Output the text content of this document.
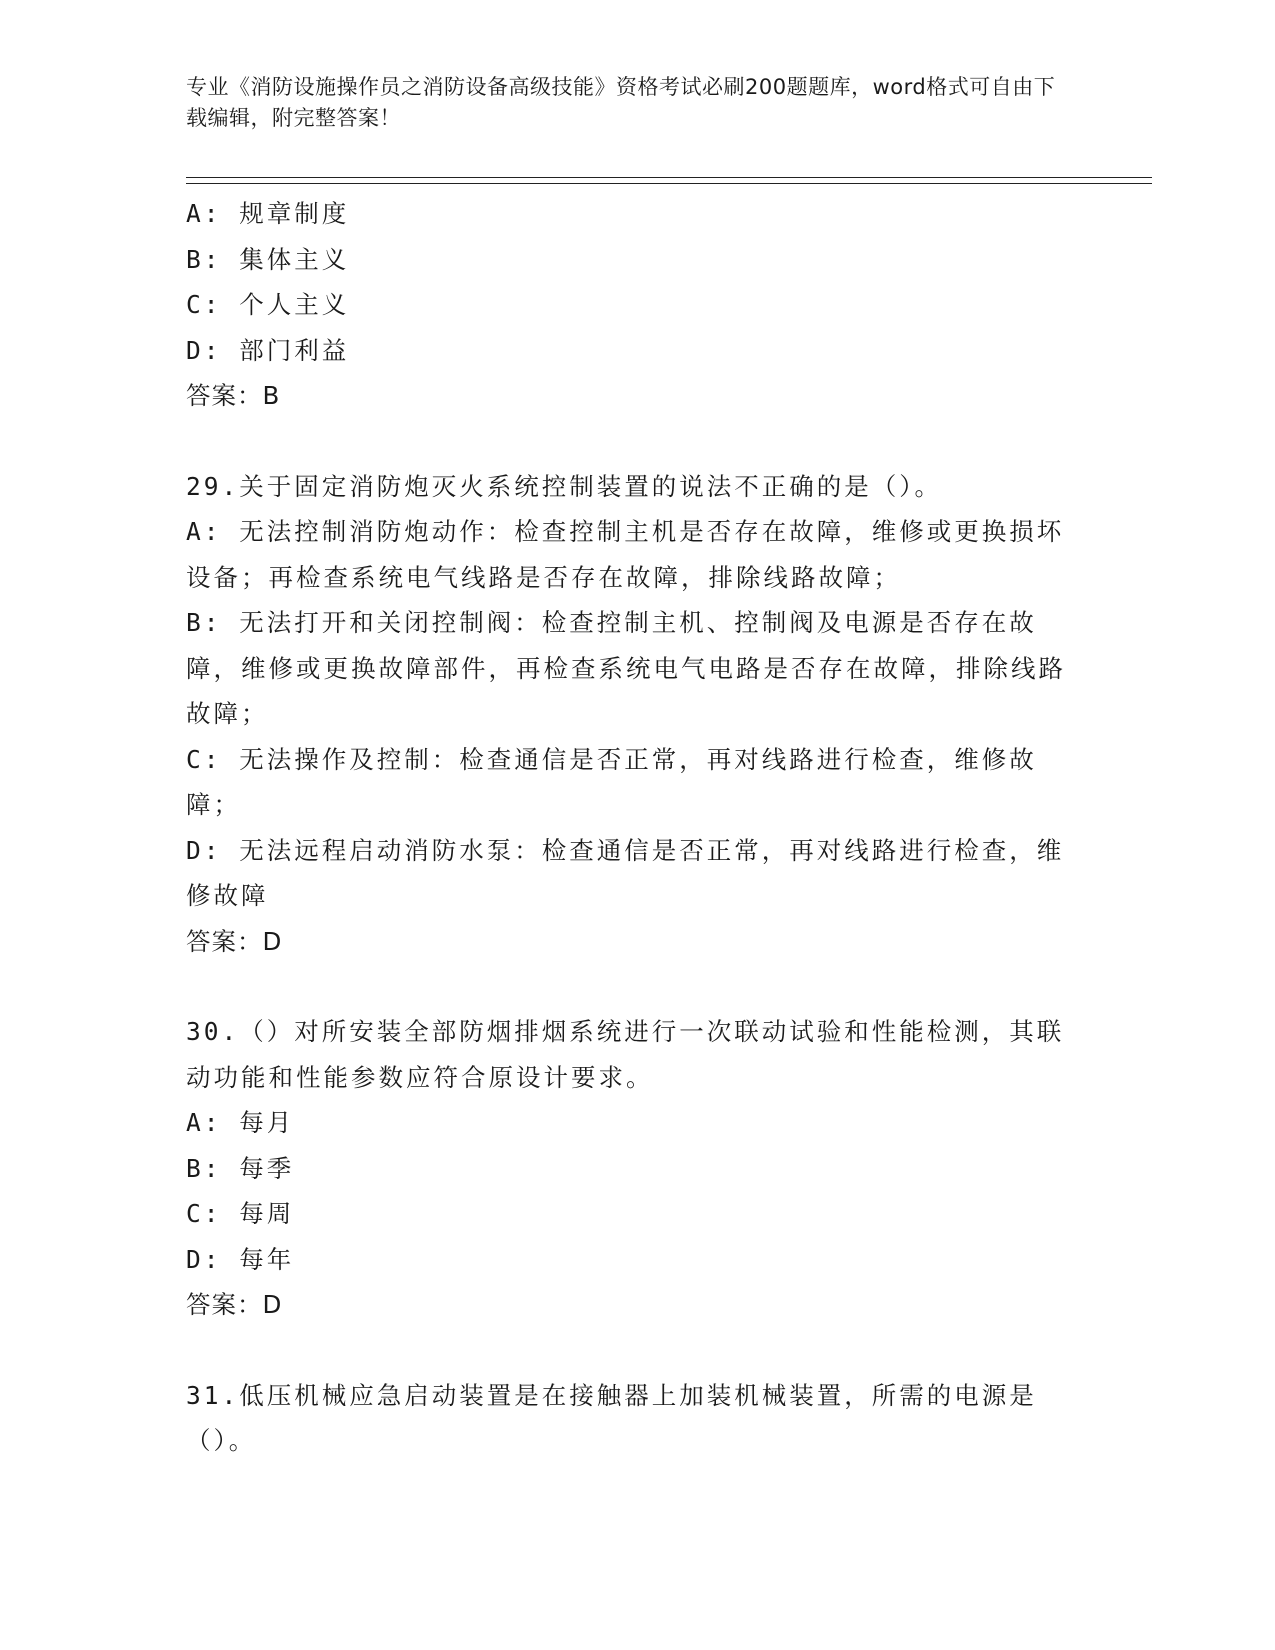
专业《消防设施操作员之消防设备高级技能》资格考试必刷200题题库，word格式可自由下载编辑，附完整答案！
A: 规章制度
B: 集体主义
C: 个人主义
D: 部门利益
答案：B
29.关于固定消防炮灭火系统控制装置的说法不正确的是（）。
A: 无法控制消防炮动作：检查控制主机是否存在故障，维修或更换损坏设备；再检查系统电气线路是否存在故障，排除线路故障；
B: 无法打开和关闭控制阀：检查控制主机、控制阀及电源是否存在故障，维修或更换故障部件，再检查系统电气电路是否存在故障，排除线路故障；
C: 无法操作及控制：检查通信是否正常，再对线路进行检查，维修故障；
D: 无法远程启动消防水泵：检查通信是否正常，再对线路进行检查，维修故障
答案：D
30.（）对所安装全部防烟排烟系统进行一次联动试验和性能检测，其联动功能和性能参数应符合原设计要求。
A: 每月
B: 每季
C: 每周
D: 每年
答案：D
31.低压机械应急启动装置是在接触器上加装机械装置，所需的电源是（）。
